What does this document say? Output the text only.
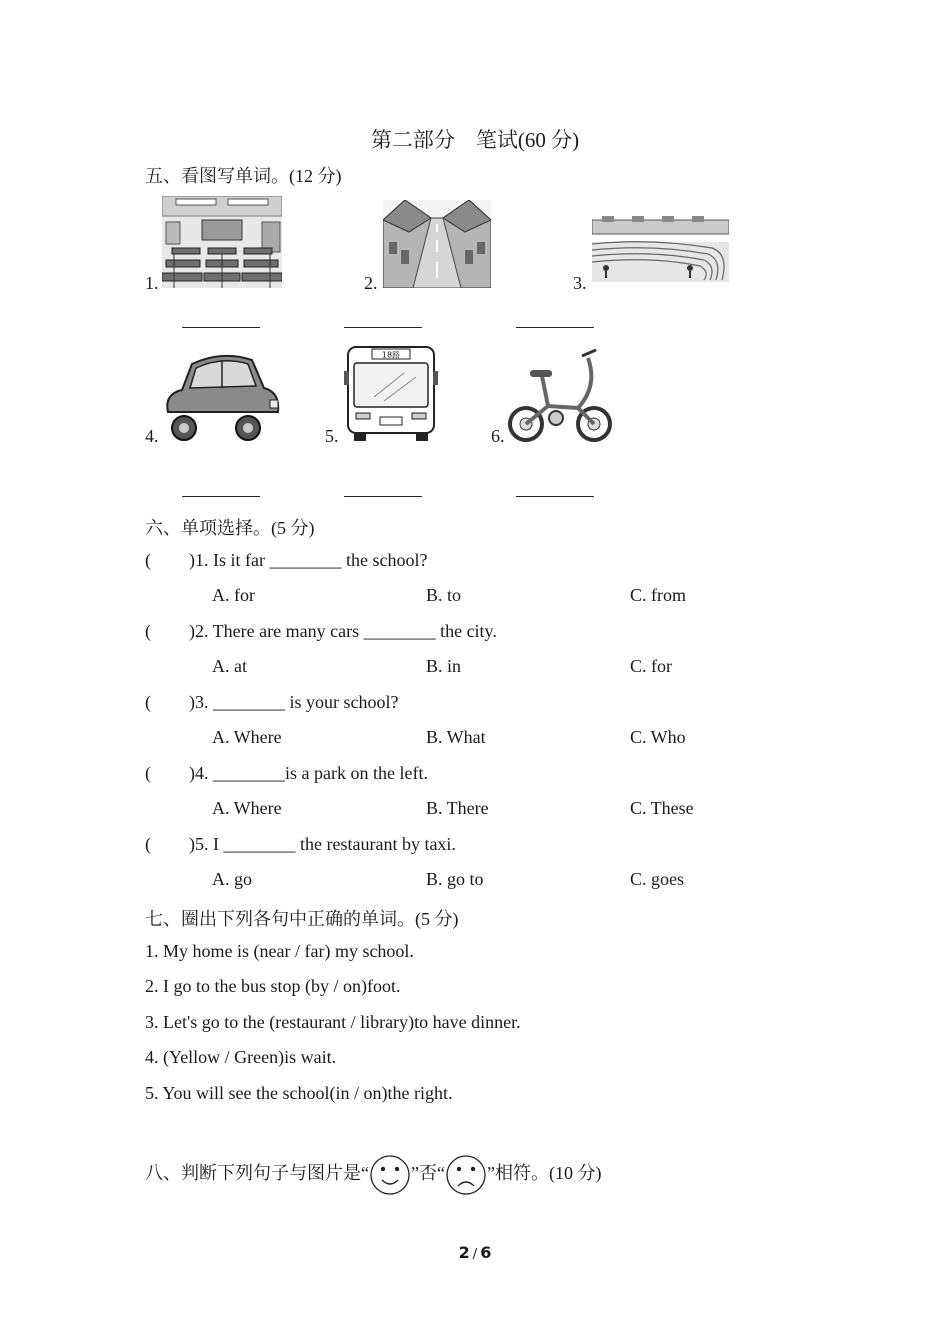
第二部分　笔试(60 分)
五、看图写单词。(12 分)
1.	2.	3.
4.	5.
18路
6.
六、单项选择。(5 分)
( )1. Is it far ________ the school?
A. for	B. to	C. from
( )2. There are many cars ________ the city.
A. at	B. in	C. for
( )3. ________ is your school?
A. Where	B. What	C. Who
( )4. ________is a park on the left.
A. Where	B. There	C. These
( )5. I ________ the restaurant by taxi.
A. go	B. go to	C. goes
七、圈出下列各句中正确的单词。(5 分)
1. My home is (near / far) my school.
2. I go to the bus stop (by / on)foot.
3. Let's go to the (restaurant / library)to have dinner.
4. (Yellow / Green)is wait.
5. You will see the school(in / on)the right.
八、判断下列句子与图片是“ ”否“ ”相符。(10 分)
2 / 6
